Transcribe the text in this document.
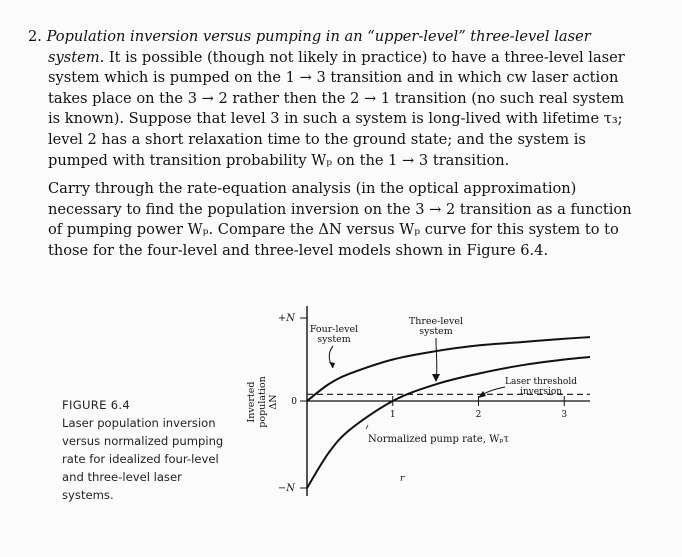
2. Population inversion versus pumping in an “upper-level” three-level laser system. It is possible (though not likely in practice) to have a three-level laser system which is pumped on the 1 → 3 transition and in which cw laser action takes place on the 3 → 2 rather then the 2 → 1 transition (no such real system is known). Suppose that level 3 in such a system is long-lived with lifetime τ₃; level 2 has a short relaxation time to the ground state; and the system is pumped with transition probability Wₚ on the 1 → 3 transition.

Carry through the rate-equation analysis (in the optical approximation) necessary to find the population inversion on the 3 → 2 transition as a function of pumping power Wₚ. Compare the ΔN versus Wₚ curve for this system to to those for the four-level and three-level models shown in Figure 6.4.

FIGURE 6.4
Laser population inversion versus normalized pumping rate for idealized four-level and three-level laser systems.
+N
0
−N
Inverted population ΔN
1	2	3
Normalized pump rate, Wₚτ
Four-level
system
Three-level
system
Laser threshold
inversion
r
